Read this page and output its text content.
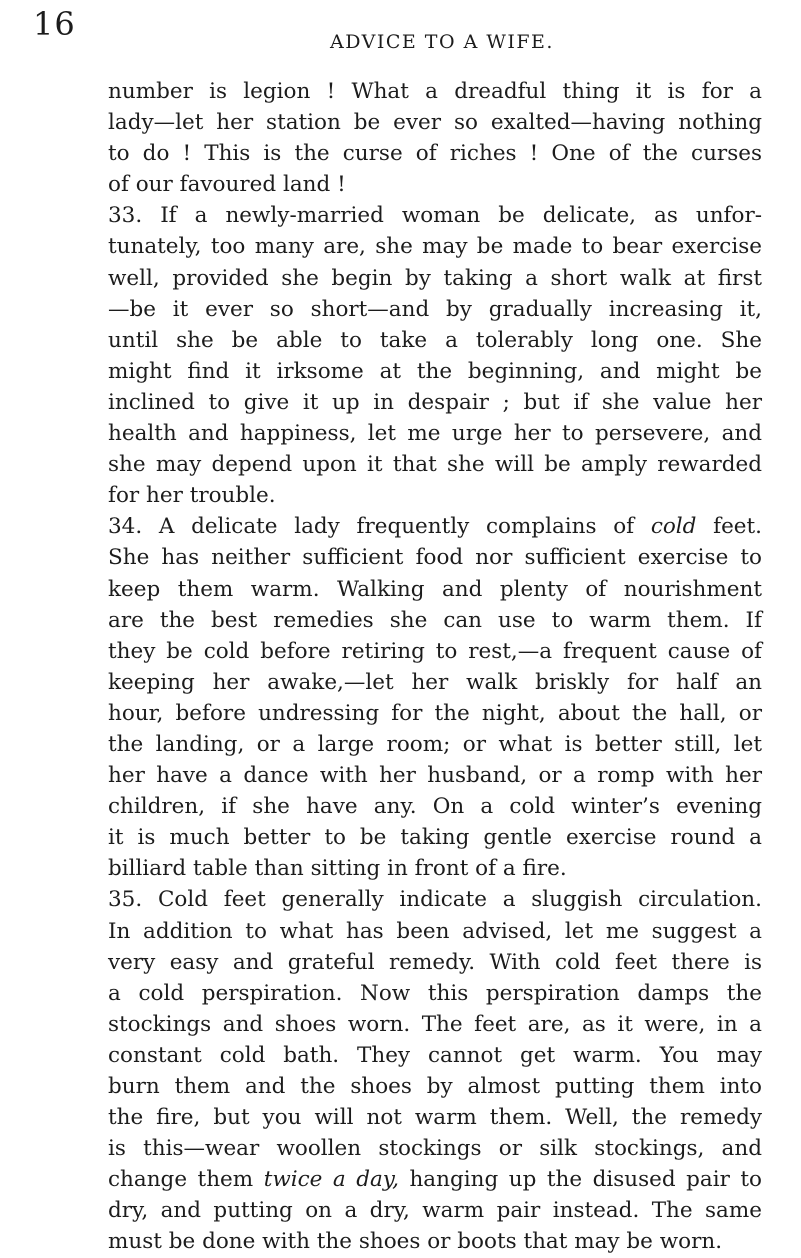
16	ADVICE TO A WIFE.
number is legion ! What a dreadful thing it is for a
lady—let her station be ever so exalted—having nothing
to do ! This is the curse of riches ! One of the curses
of our favoured land !
33. If a newly-married woman be delicate, as unfor-
tunately, too many are, she may be made to bear exercise
well, provided she begin by taking a short walk at first
—be it ever so short—and by gradually increasing it,
until she be able to take a tolerably long one. She
might find it irksome at the beginning, and might be
inclined to give it up in despair ; but if she value her
health and happiness, let me urge her to persevere, and
she may depend upon it that she will be amply rewarded
for her trouble.
34. A delicate lady frequently complains of cold feet.
She has neither sufficient food nor sufficient exercise to
keep them warm. Walking and plenty of nourishment
are the best remedies she can use to warm them. If
they be cold before retiring to rest,—a frequent cause of
keeping her awake,—let her walk briskly for half an
hour, before undressing for the night, about the hall, or
the landing, or a large room; or what is better still, let
her have a dance with her husband, or a romp with her
children, if she have any. On a cold winter’s evening
it is much better to be taking gentle exercise round a
billiard table than sitting in front of a fire.
35. Cold feet generally indicate a sluggish circulation.
In addition to what has been advised, let me suggest a
very easy and grateful remedy. With cold feet there is
a cold perspiration. Now this perspiration damps the
stockings and shoes worn. The feet are, as it were, in a
constant cold bath. They cannot get warm. You may
burn them and the shoes by almost putting them into
the fire, but you will not warm them. Well, the remedy
is this—wear woollen stockings or silk stockings, and
change them twice a day, hanging up the disused pair to
dry, and putting on a dry, warm pair instead. The same
must be done with the shoes or boots that may be worn.
